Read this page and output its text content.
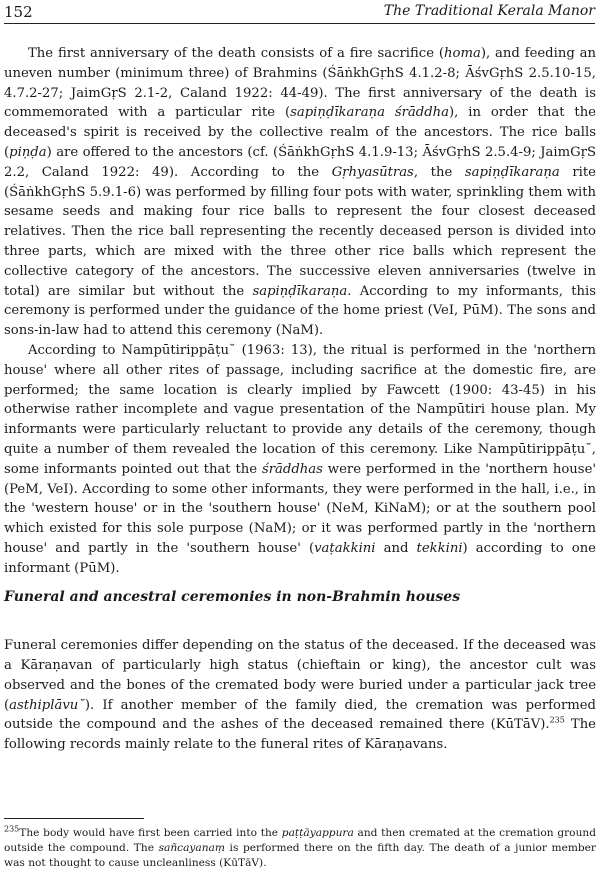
152	The Traditional Kerala Manor

The first anniversary of the death consists of a fire sacrifice (homa), and feeding an uneven number (minimum three) of Brahmins (ŚāṅkhGṛhS 4.1.2-8; ĀśvGṛhS 2.5.10-15, 4.7.2-27; JaimGṛS 2.1-2, Caland 1922: 44-49). The first anniversary of the death is commemorated with a particular rite (sapiṇḍīkaraṇa śrāddha), in order that the deceased's spirit is received by the collective realm of the ancestors. The rice balls (piṇḍa) are offered to the ancestors (cf. (ŚāṅkhGṛhS 4.1.9-13; ĀśvGṛhS 2.5.4-9; JaimGṛS 2.2, Caland 1922: 49). According to the Gṛhyasūtras, the sapiṇḍīkaraṇa rite (ŚāṅkhGṛhS 5.9.1-6) was performed by filling four pots with water, sprinkling them with sesame seeds and making four rice balls to represent the four closest deceased relatives. Then the rice ball representing the recently deceased person is divided into three parts, which are mixed with the three other rice balls which represent the collective category of the ancestors. The successive eleven anniversaries (twelve in total) are similar but without the sapiṇḍīkaraṇa. According to my informants, this ceremony is performed under the guidance of the home priest (VeI, PūM). The sons and sons-in-law had to attend this ceremony (NaM).

According to Nampūtirippāṭu˘ (1963: 13), the ritual is performed in the 'northern house' where all other rites of passage, including sacrifice at the domestic fire, are performed; the same location is clearly implied by Fawcett (1900: 43-45) in his otherwise rather incomplete and vague presentation of the Nampūtiri house plan. My informants were particularly reluctant to provide any details of the ceremony, though quite a number of them revealed the location of this ceremony. Like Nampūtirippāṭu˘, some informants pointed out that the śrāddhas were performed in the 'northern house' (PeM, VeI). According to some other informants, they were performed in the hall, i.e., in the 'western house' or in the 'southern house' (NeM, KiNaM); or at the southern pool which existed for this sole purpose (NaM); or it was performed partly in the 'northern house' and partly in the 'southern house' (vaṭakkini and tekkini) according to one informant (PūM).

Funeral and ancestral ceremonies in non-Brahmin houses

Funeral ceremonies differ depending on the status of the deceased. If the deceased was a Kāraṇavan of particularly high status (chieftain or king), the ancestor cult was observed and the bones of the cremated body were buried under a particular jack tree (asthiplāvu˘). If another member of the family died, the cremation was performed outside the compound and the ashes of the deceased remained there (KūTāV).$^{235}$ The following records mainly relate to the funeral rites of Kāraṇavans.

$^{235}$The body would have first been carried into the paṭṭāyappura and then cremated at the cremation ground outside the compound. The sañcayanaṃ is performed there on the fifth day. The death of a junior member was not thought to cause uncleanliness (KūTāV).
